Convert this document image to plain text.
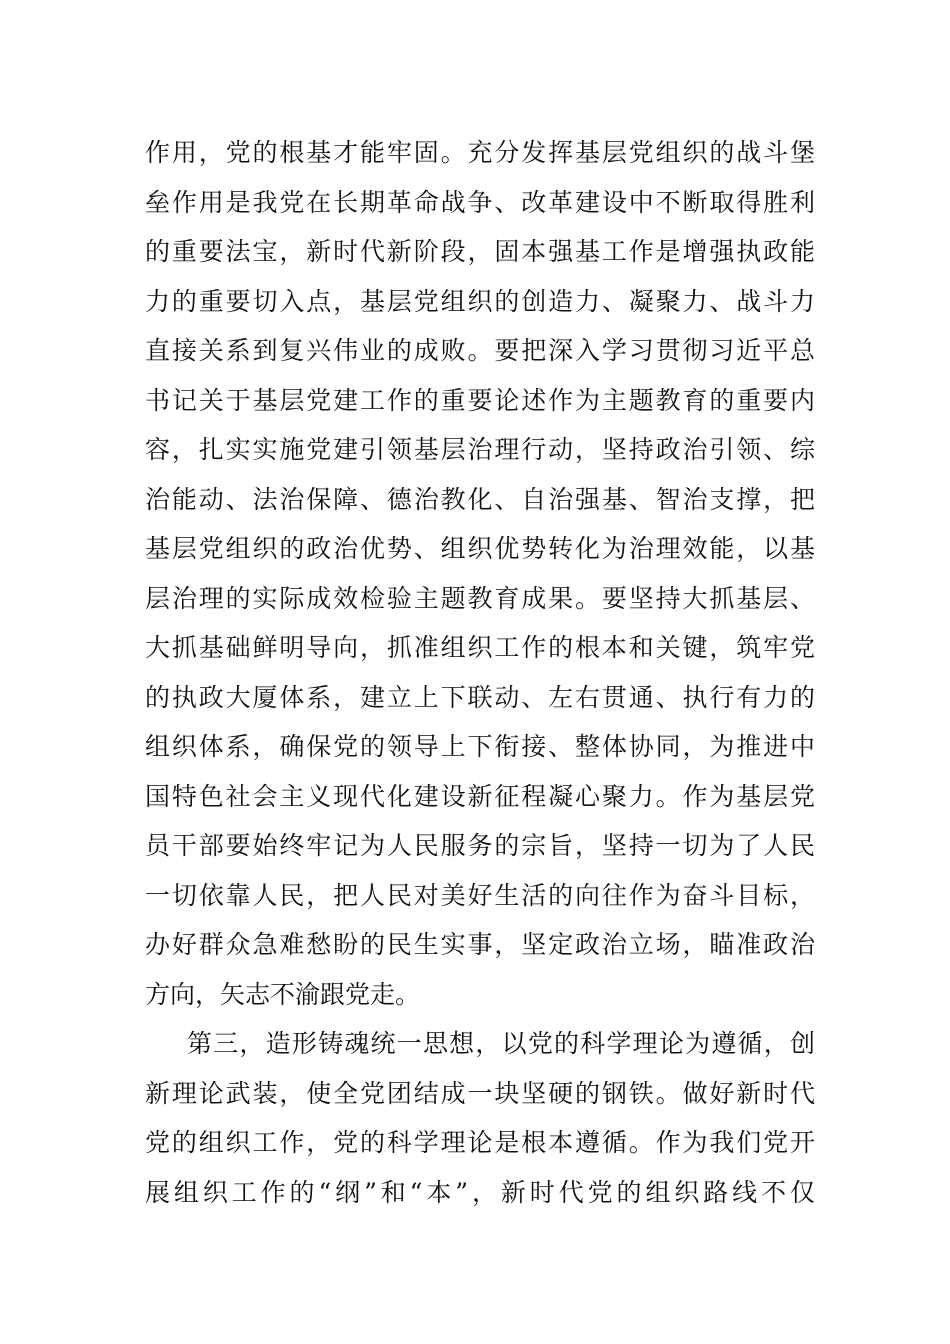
作用，党的根基才能牢固。充分发挥基层党组织的战斗堡
垒作用是我党在长期革命战争、改革建设中不断取得胜利
的重要法宝，新时代新阶段，固本强基工作是增强执政能
力的重要切入点，基层党组织的创造力、凝聚力、战斗力
直接关系到复兴伟业的成败。要把深入学习贯彻习近平总
书记关于基层党建工作的重要论述作为主题教育的重要内
容，扎实实施党建引领基层治理行动，坚持政治引领、综
治能动、法治保障、德治教化、自治强基、智治支撑，把
基层党组织的政治优势、组织优势转化为治理效能，以基
层治理的实际成效检验主题教育成果。要坚持大抓基层、
大抓基础鲜明导向，抓准组织工作的根本和关键，筑牢党
的执政大厦体系，建立上下联动、左右贯通、执行有力的
组织体系，确保党的领导上下衔接、整体协同，为推进中
国特色社会主义现代化建设新征程凝心聚力。作为基层党
员干部要始终牢记为人民服务的宗旨，坚持一切为了人民
一切依靠人民，把人民对美好生活的向往作为奋斗目标，
办好群众急难愁盼的民生实事，坚定政治立场，瞄准政治
方向，矢志不渝跟党走。
第三，造形铸魂统一思想，以党的科学理论为遵循，创
新理论武装，使全党团结成一块坚硬的钢铁。做好新时代
党的组织工作，党的科学理论是根本遵循。作为我们党开
展组织工作的“纲”和“本”，新时代党的组织路线不仅
